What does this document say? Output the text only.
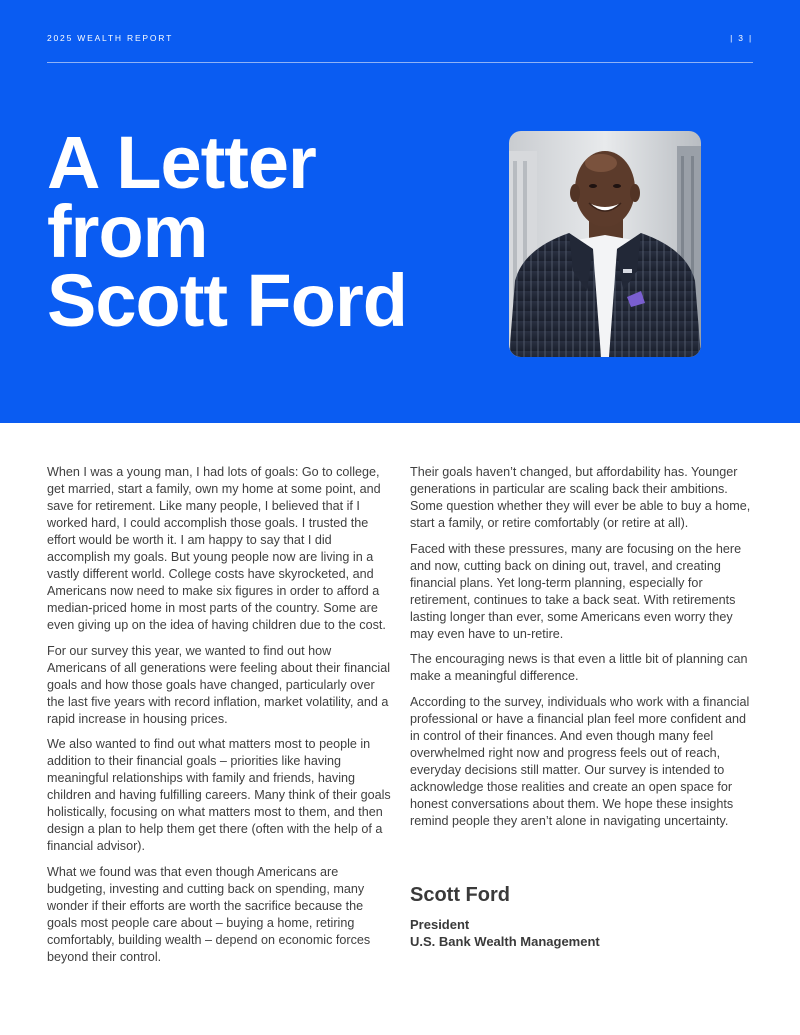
2025 WEALTH REPORT	| 3 |
A Letter
from
Scott Ford

When I was a young man, I had lots of goals: Go to college, get married, start a family, own my home at some point, and save for retirement. Like many people, I believed that if I worked hard, I could accomplish those goals. I trusted the effort would be worth it. I am happy to say that I did accomplish my goals. But young people now are living in a vastly different world. College costs have skyrocketed, and Americans now need to make six figures in order to afford a median-priced home in most parts of the country. Some are even giving up on the idea of having children due to the cost.

For our survey this year, we wanted to find out how Americans of all generations were feeling about their financial goals and how those goals have changed, particularly over the last five years with record inflation, market volatility, and a rapid increase in housing prices.

We also wanted to find out what matters most to people in addition to their financial goals – priorities like having meaningful relationships with family and friends, having children and having fulfilling careers. Many think of their goals holistically, focusing on what matters most to them, and then design a plan to help them get there (often with the help of a financial advisor).

What we found was that even though Americans are budgeting, investing and cutting back on spending, many wonder if their efforts are worth the sacrifice because the goals most people care about – buying a home, retiring comfortably, building wealth – depend on economic forces beyond their control.

Their goals haven’t changed, but affordability has. Younger generations in particular are scaling back their ambitions. Some question whether they will ever be able to buy a home, start a family, or retire comfortably (or retire at all).

Faced with these pressures, many are focusing on the here and now, cutting back on dining out, travel, and creating financial plans. Yet long-term planning, especially for retirement, continues to take a back seat. With retirements lasting longer than ever, some Americans even worry they may even have to un-retire.

The encouraging news is that even a little bit of planning can make a meaningful difference.

According to the survey, individuals who work with a financial professional or have a financial plan feel more confident and in control of their finances. And even though many feel overwhelmed right now and progress feels out of reach, everyday decisions still matter. Our survey is intended to acknowledge those realities and create an open space for honest conversations about them. We hope these insights remind people they aren’t alone in navigating uncertainty.

Scott Ford
President
U.S. Bank Wealth Management
